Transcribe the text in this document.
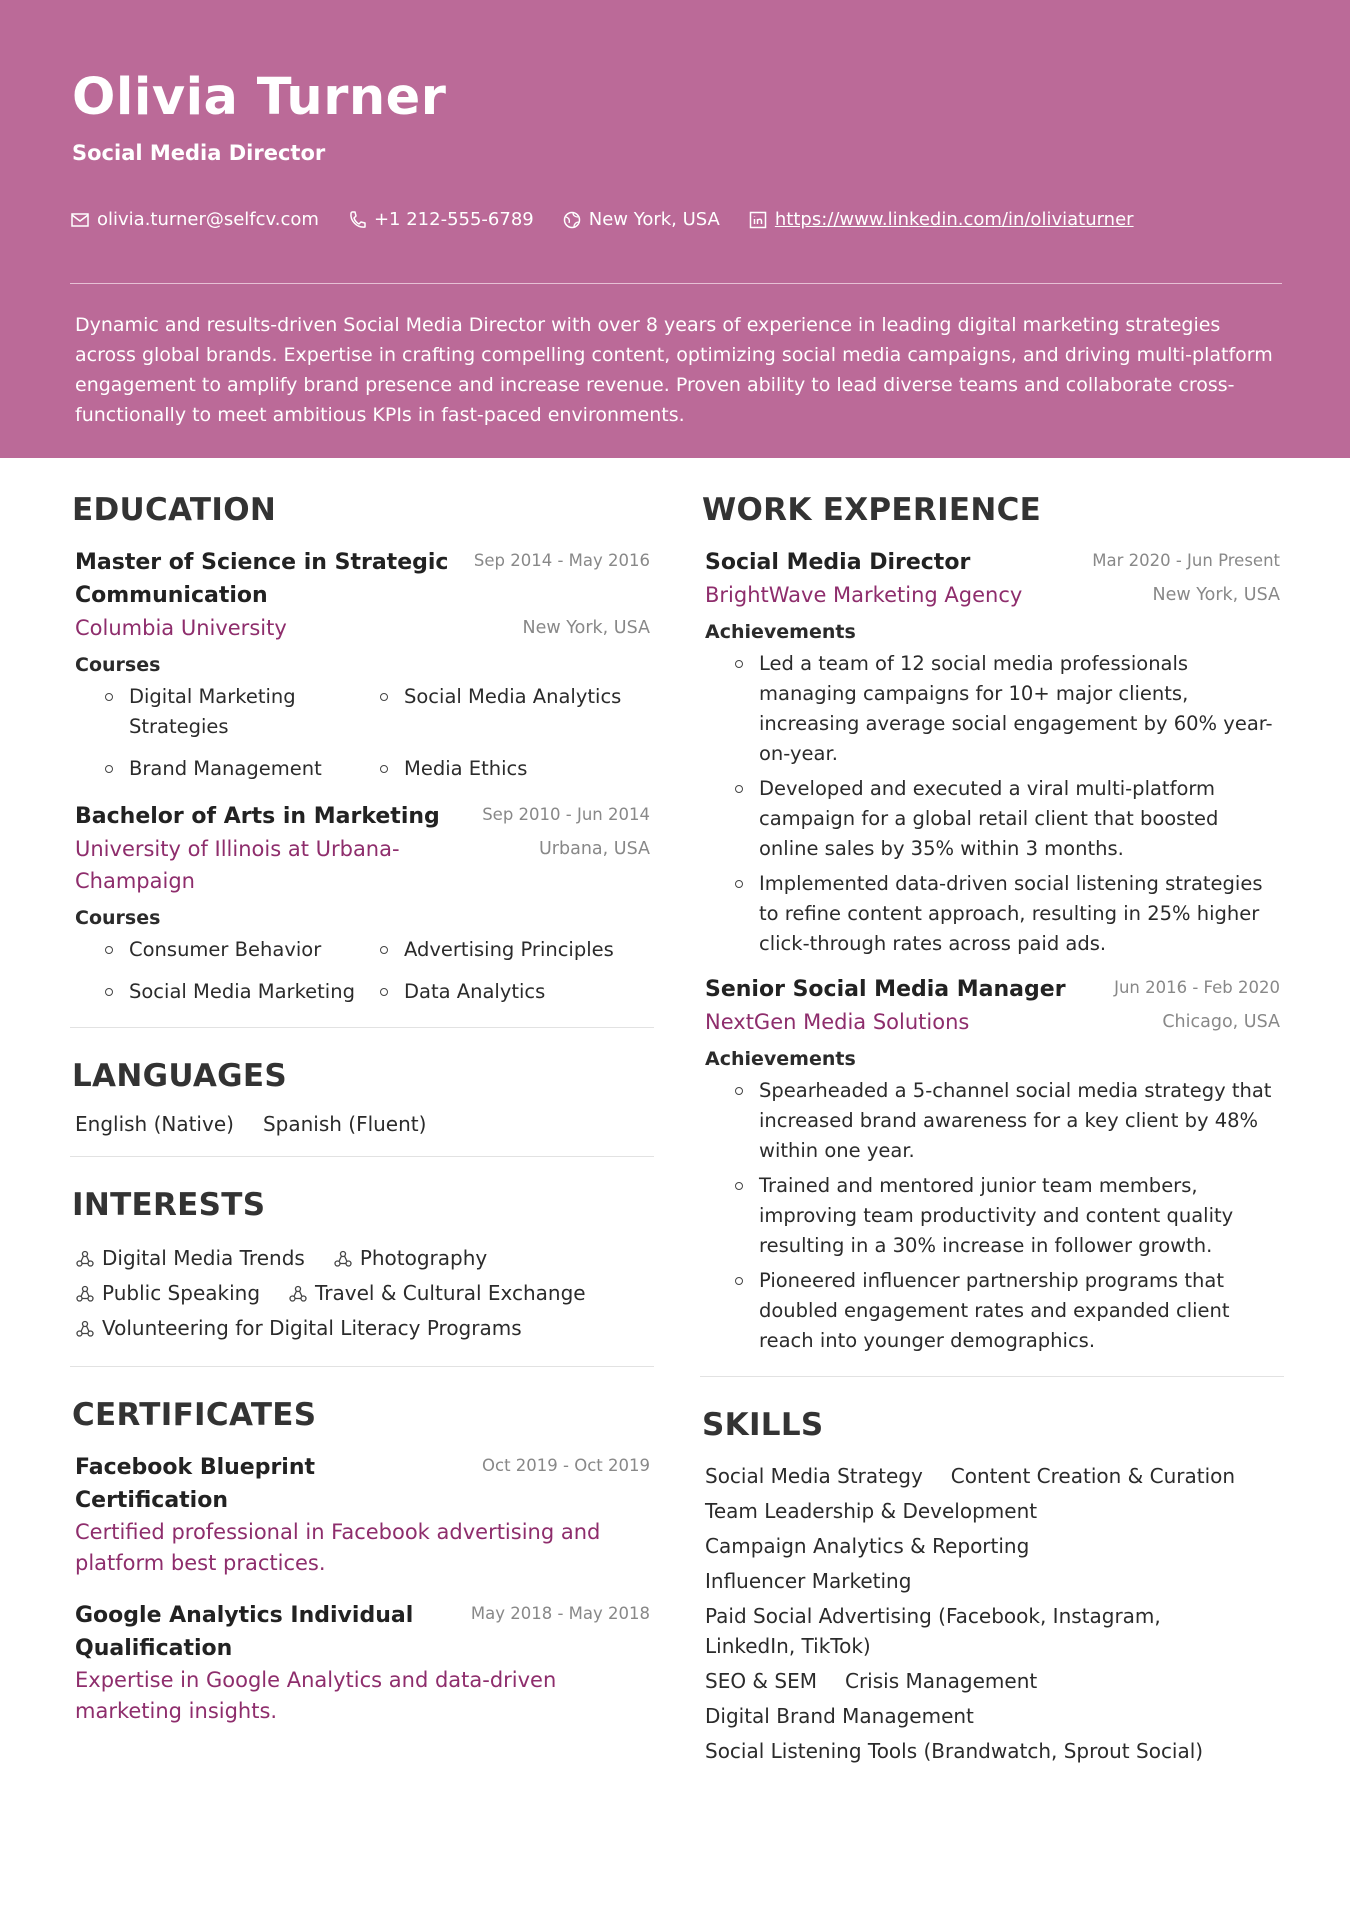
Olivia Turner
Social Media Director
olivia.turner@selfcv.com	+1 212-555-6789	New York, USA	https://www.linkedin.com/in/oliviaturner
Dynamic and results-driven Social Media Director with over 8 years of experience in leading digital marketing strategies across global brands. Expertise in crafting compelling content, optimizing social media campaigns, and driving multi-platform engagement to amplify brand presence and increase revenue. Proven ability to lead diverse teams and collaborate cross-functionally to meet ambitious KPIs in fast-paced environments.
EDUCATION
Master of Science in Strategic Communication
Sep 2014 - May 2016
Columbia University	New York, USA
Courses
Digital Marketing Strategies
Social Media Analytics
Brand Management	Media Ethics
Bachelor of Arts in Marketing	Sep 2010 - Jun 2014
University of Illinois at Urbana-Champaign
Urbana, USA
Courses
Consumer Behavior	Advertising Principles
Social Media Marketing	Data Analytics
LANGUAGES
English (Native) Spanish (Fluent)
INTERESTS
Digital Media Trends	Photography
Public Speaking	Travel & Cultural Exchange
Volunteering for Digital Literacy Programs
CERTIFICATES
Facebook Blueprint Certification
Oct 2019 - Oct 2019
Certified professional in Facebook advertising and platform best practices.
Google Analytics Individual Qualification
May 2018 - May 2018
Expertise in Google Analytics and data-driven marketing insights.
WORK EXPERIENCE
Social Media Director	Mar 2020 - Jun Present
BrightWave Marketing Agency	New York, USA
Achievements
Led a team of 12 social media professionals managing campaigns for 10+ major clients, increasing average social engagement by 60% year-on-year.
Developed and executed a viral multi-platform campaign for a global retail client that boosted online sales by 35% within 3 months.
Implemented data-driven social listening strategies to refine content approach, resulting in 25% higher click-through rates across paid ads.
Senior Social Media Manager	Jun 2016 - Feb 2020
NextGen Media Solutions	Chicago, USA
Achievements
Spearheaded a 5-channel social media strategy that increased brand awareness for a key client by 48% within one year.
Trained and mentored junior team members, improving team productivity and content quality resulting in a 30% increase in follower growth.
Pioneered influencer partnership programs that doubled engagement rates and expanded client reach into younger demographics.
SKILLS
Social Media Strategy Content Creation & Curation
Team Leadership & Development
Campaign Analytics & Reporting
Influencer Marketing
Paid Social Advertising (Facebook, Instagram, LinkedIn, TikTok)
SEO & SEM Crisis Management
Digital Brand Management
Social Listening Tools (Brandwatch, Sprout Social)
